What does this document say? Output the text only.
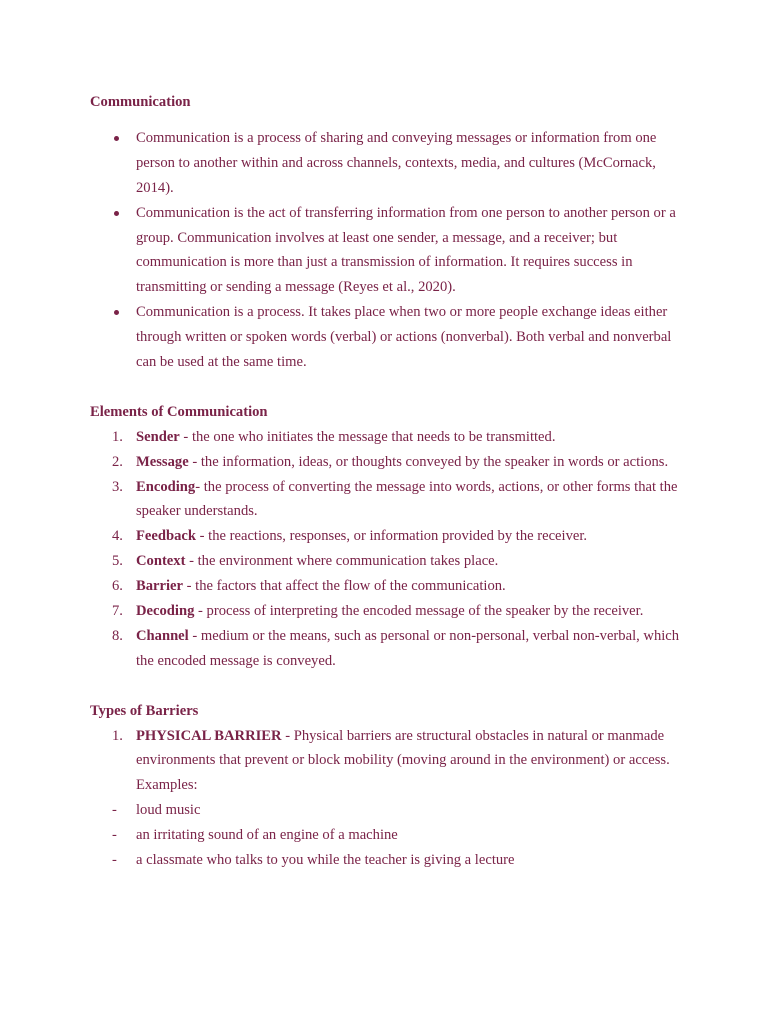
Communication

Communication is a process of sharing and conveying messages or information from one person to another within and across channels, contexts, media, and cultures (McCornack, 2014).
Communication is the act of transferring information from one person to another person or a group. Communication involves at least one sender, a message, and a receiver; but communication is more than just a transmission of information. It requires success in transmitting or sending a message (Reyes et al., 2020).
Communication is a process. It takes place when two or more people exchange ideas either through written or spoken words (verbal) or actions (nonverbal). Both verbal and nonverbal can be used at the same time.

Elements of Communication

1. Sender - the one who initiates the message that needs to be transmitted.
2. Message - the information, ideas, or thoughts conveyed by the speaker in words or actions.
3. Encoding- the process of converting the message into words, actions, or other forms that the speaker understands.
4. Feedback - the reactions, responses, or information provided by the receiver.
5. Context - the environment where communication takes place.
6. Barrier - the factors that affect the flow of the communication.
7. Decoding - process of interpreting the encoded message of the speaker by the receiver.
8. Channel - medium or the means, such as personal or non-personal, verbal non-verbal, which the encoded message is conveyed.

Types of Barriers

1. PHYSICAL BARRIER - Physical barriers are structural obstacles in natural or manmade environments that prevent or block mobility (moving around in the environment) or access.
Examples:
- loud music
- an irritating sound of an engine of a machine
- a classmate who talks to you while the teacher is giving a lecture
